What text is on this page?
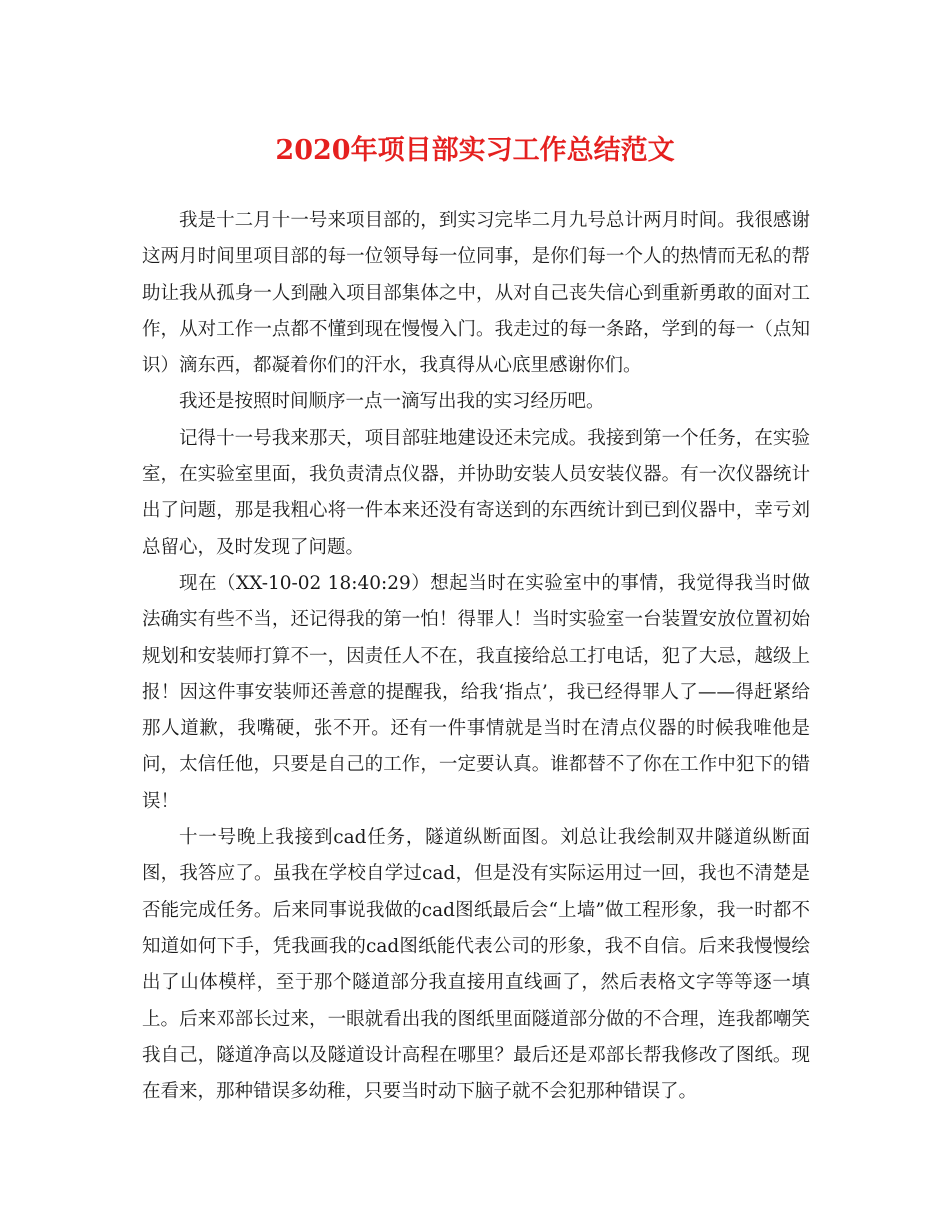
2020年项目部实习工作总结范文

我是十二月十一号来项目部的，到实习完毕二月九号总计两月时间。我很感谢这两月时间里项目部的每一位领导每一位同事，是你们每一个人的热情而无私的帮助让我从孤身一人到融入项目部集体之中，从对自己丧失信心到重新勇敢的面对工作，从对工作一点都不懂到现在慢慢入门。我走过的每一条路，学到的每一（点知识）滴东西，都凝着你们的汗水，我真得从心底里感谢你们。

我还是按照时间顺序一点一滴写出我的实习经历吧。

记得十一号我来那天，项目部驻地建设还未完成。我接到第一个任务，在实验室，在实验室里面，我负责清点仪器，并协助安装人员安装仪器。有一次仪器统计出了问题，那是我粗心将一件本来还没有寄送到的东西统计到已到仪器中，幸亏刘总留心，及时发现了问题。

现在（XX-10-02 18:40:29）想起当时在实验室中的事情，我觉得我当时做法确实有些不当，还记得我的第一怕！得罪人！当时实验室一台装置安放位置初始规划和安装师打算不一，因责任人不在，我直接给总工打电话，犯了大忌，越级上报！因这件事安装师还善意的提醒我，给我‘指点’，我已经得罪人了——得赶紧给那人道歉，我嘴硬，张不开。还有一件事情就是当时在清点仪器的时候我唯他是问，太信任他，只要是自己的工作，一定要认真。谁都替不了你在工作中犯下的错误！

十一号晚上我接到cad任务，隧道纵断面图。刘总让我绘制双井隧道纵断面图，我答应了。虽我在学校自学过cad，但是没有实际运用过一回，我也不清楚是否能完成任务。后来同事说我做的cad图纸最后会“上墙”做工程形象，我一时都不知道如何下手，凭我画我的cad图纸能代表公司的形象，我不自信。后来我慢慢绘出了山体模样，至于那个隧道部分我直接用直线画了，然后表格文字等等逐一填上。后来邓部长过来，一眼就看出我的图纸里面隧道部分做的不合理，连我都嘲笑我自己，隧道净高以及隧道设计高程在哪里？最后还是邓部长帮我修改了图纸。现在看来，那种错误多幼稚，只要当时动下脑子就不会犯那种错误了。
